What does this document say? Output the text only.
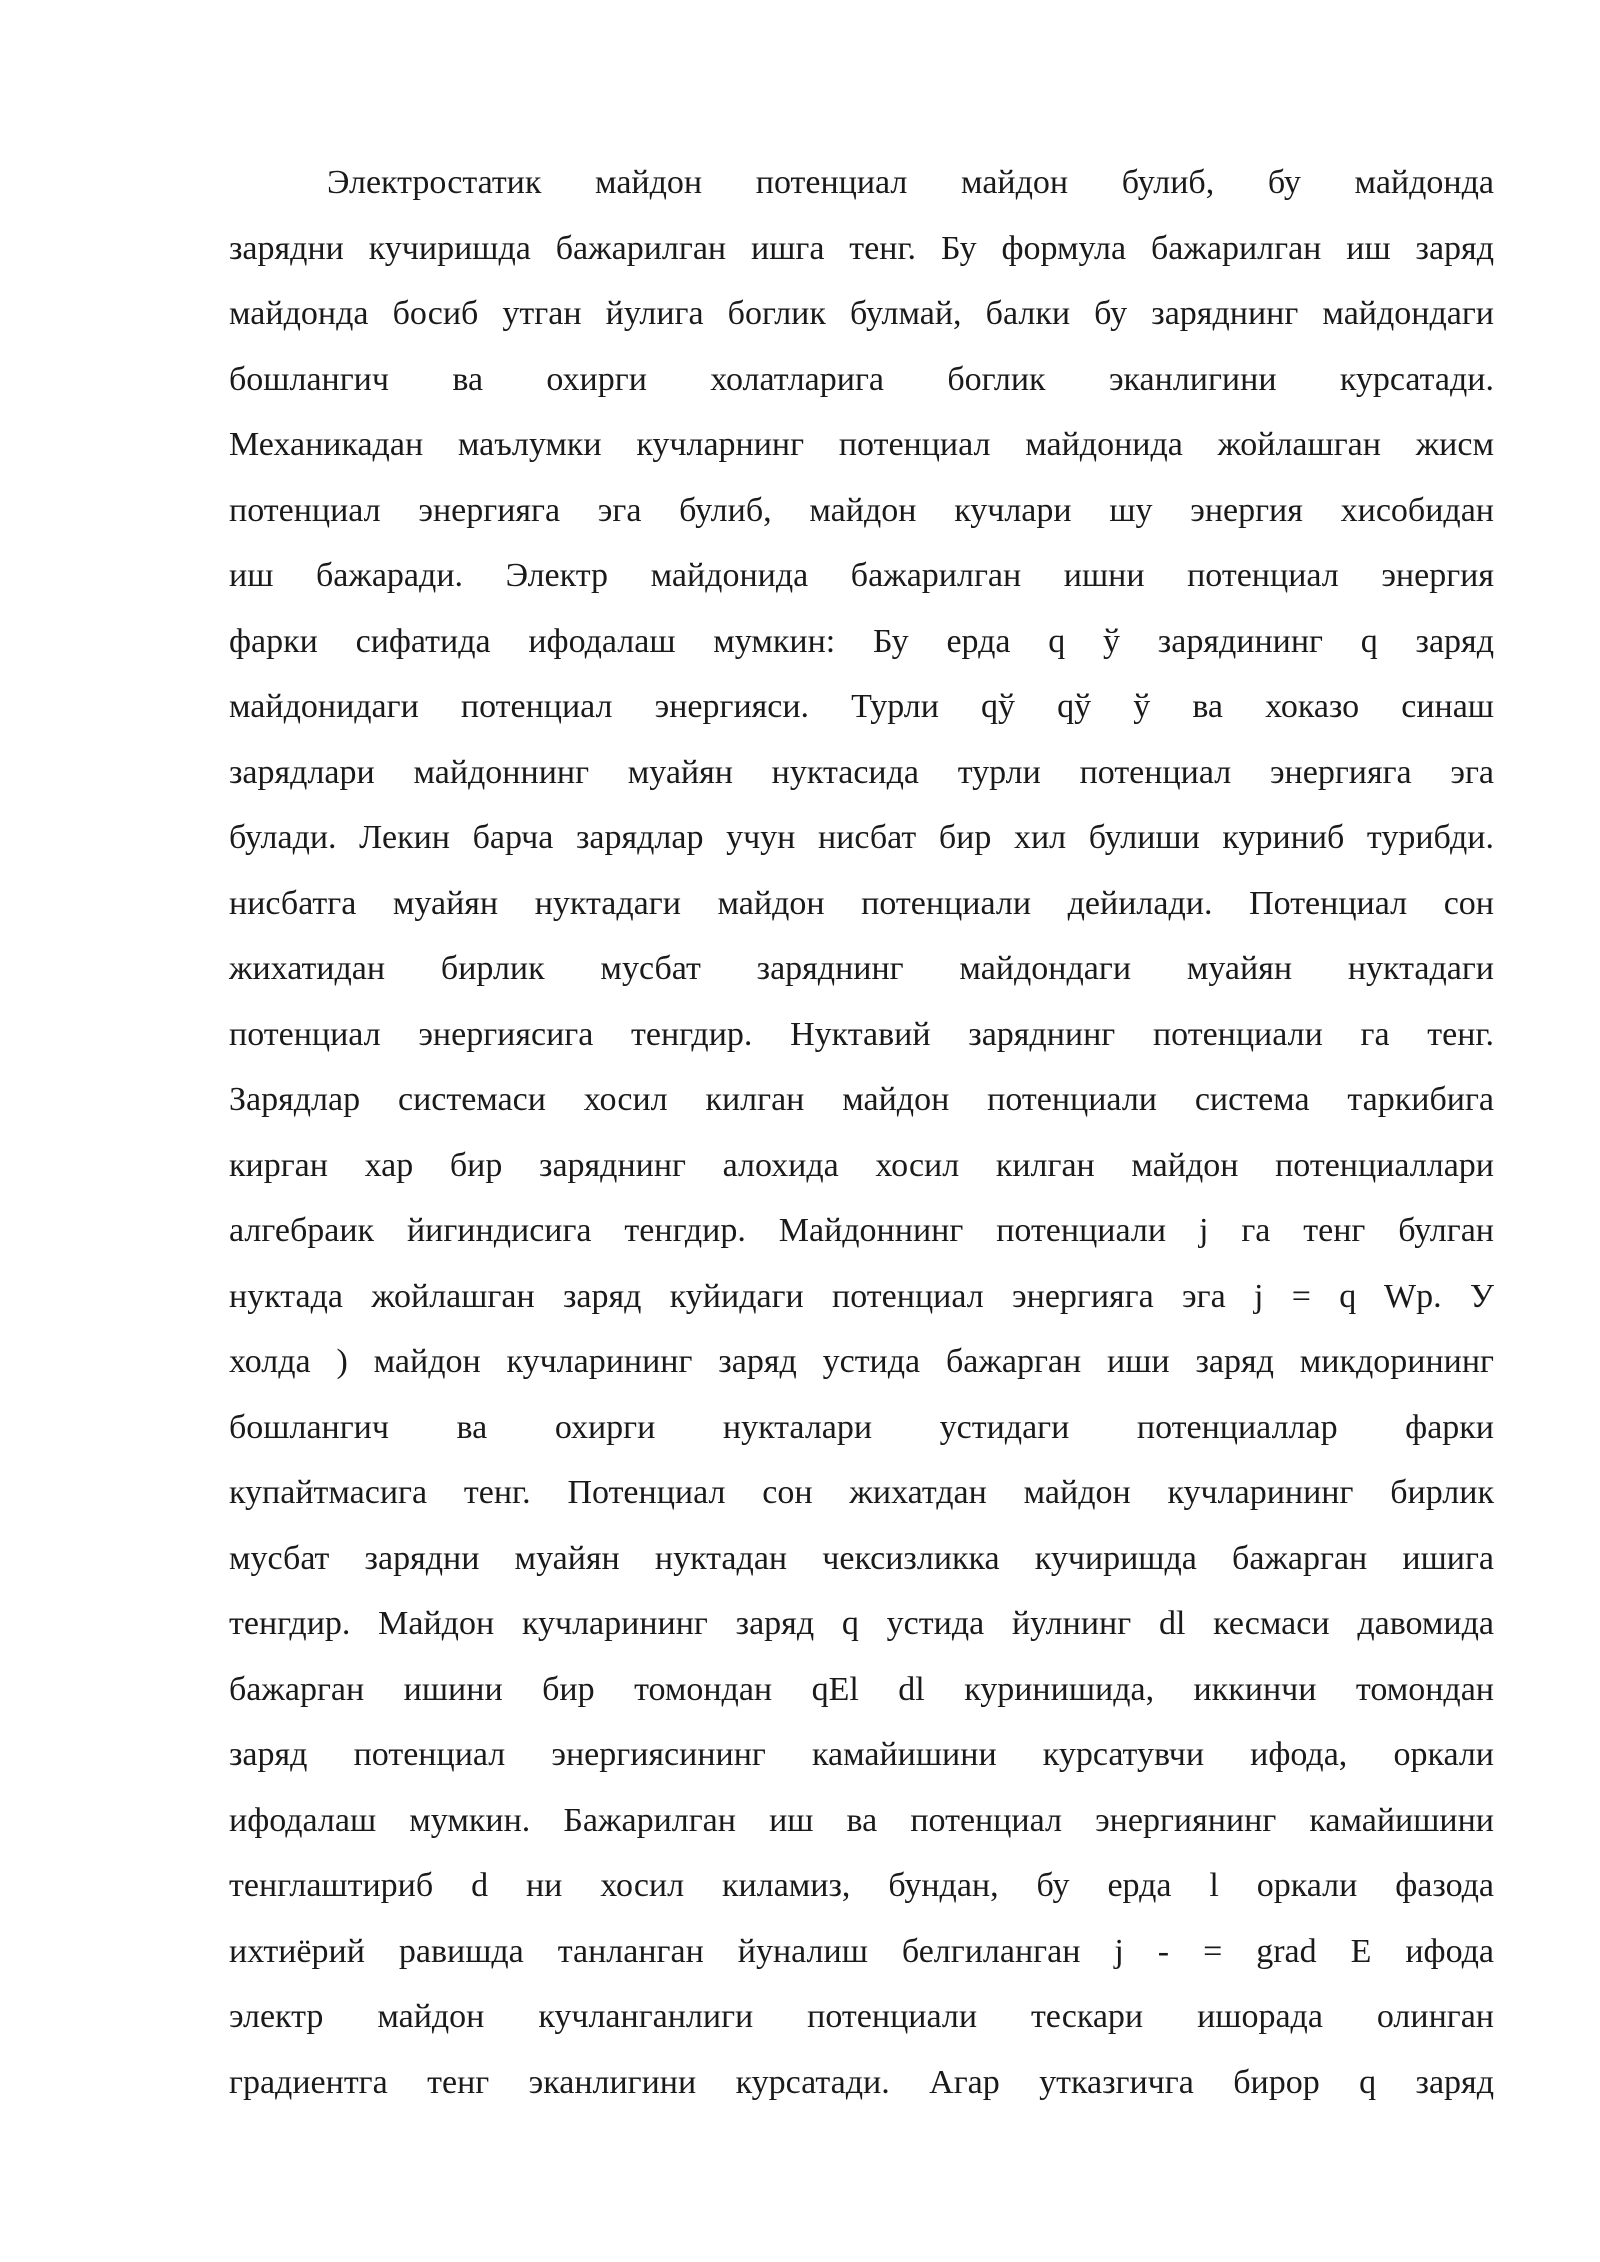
Электростатик майдон потенциал майдон булиб, бу майдонда
зарядни кучиришда бажарилган ишга тенг. Бу формула бажарилган иш заряд
майдонда босиб утган йулига боглик булмай, балки бу заряднинг майдондаги
бошлангич ва охирги холатларига боглик эканлигини курсатади.
Механикадан маълумки кучларнинг потенциал майдонида жойлашган жисм
потенциал энергияга эга булиб, майдон кучлари шу энергия хисобидан
иш бажаради. Электр майдонида бажарилган ишни потенциал энергия
фарки сифатида ифодалаш мумкин: Бу ерда q ў зарядининг q заряд
майдонидаги потенциал энергияси. Турли qў qў ў ва хоказо синаш
зарядлари майдоннинг муайян нуктасида турли потенциал энергияга эга
булади. Лекин барча зарядлар учун нисбат бир хил булиши куриниб турибди.
нисбатга муайян нуктадаги майдон потенциали дейилади. Потенциал сон
жихатидан бирлик мусбат заряднинг майдондаги муайян нуктадаги
потенциал энергиясига тенгдир. Нуктавий заряднинг потенциали га тенг.
Зарядлар системаси хосил килган майдон потенциали система таркибига
кирган хар бир заряднинг алохида хосил килган майдон потенциаллари
алгебраик йигиндисига тенгдир. Майдоннинг потенциали j га тенг булган
нуктада жойлашган заряд куйидаги потенциал энергияга эга j = q Wp. У
холда ) майдон кучларининг заряд устида бажарган иши заряд микдорининг
бошлангич ва охирги нукталари устидаги потенциаллар фарки
купайтмасига тенг. Потенциал сон жихатдан майдон кучларининг бирлик
мусбат зарядни муайян нуктадан чексизликка кучиришда бажарган ишига
тенгдир. Майдон кучларининг заряд q устида йулнинг dl кесмаси давомида
бажарган ишини бир томондан qEl dl куринишида, иккинчи томондан
заряд потенциал энергиясининг камайишини курсатувчи ифода, оркали
ифодалаш мумкин. Бажарилган иш ва потенциал энергиянинг камайишини
тенглаштириб d ни хосил киламиз, бундан, бу ерда l оркали фазода
ихтиёрий равишда танланган йуналиш белгиланган j - = grad E ифода
электр майдон кучланганлиги потенциали тескари ишорада олинган
градиентга тенг эканлигини курсатади. Агар утказгичга бирор q заряд
